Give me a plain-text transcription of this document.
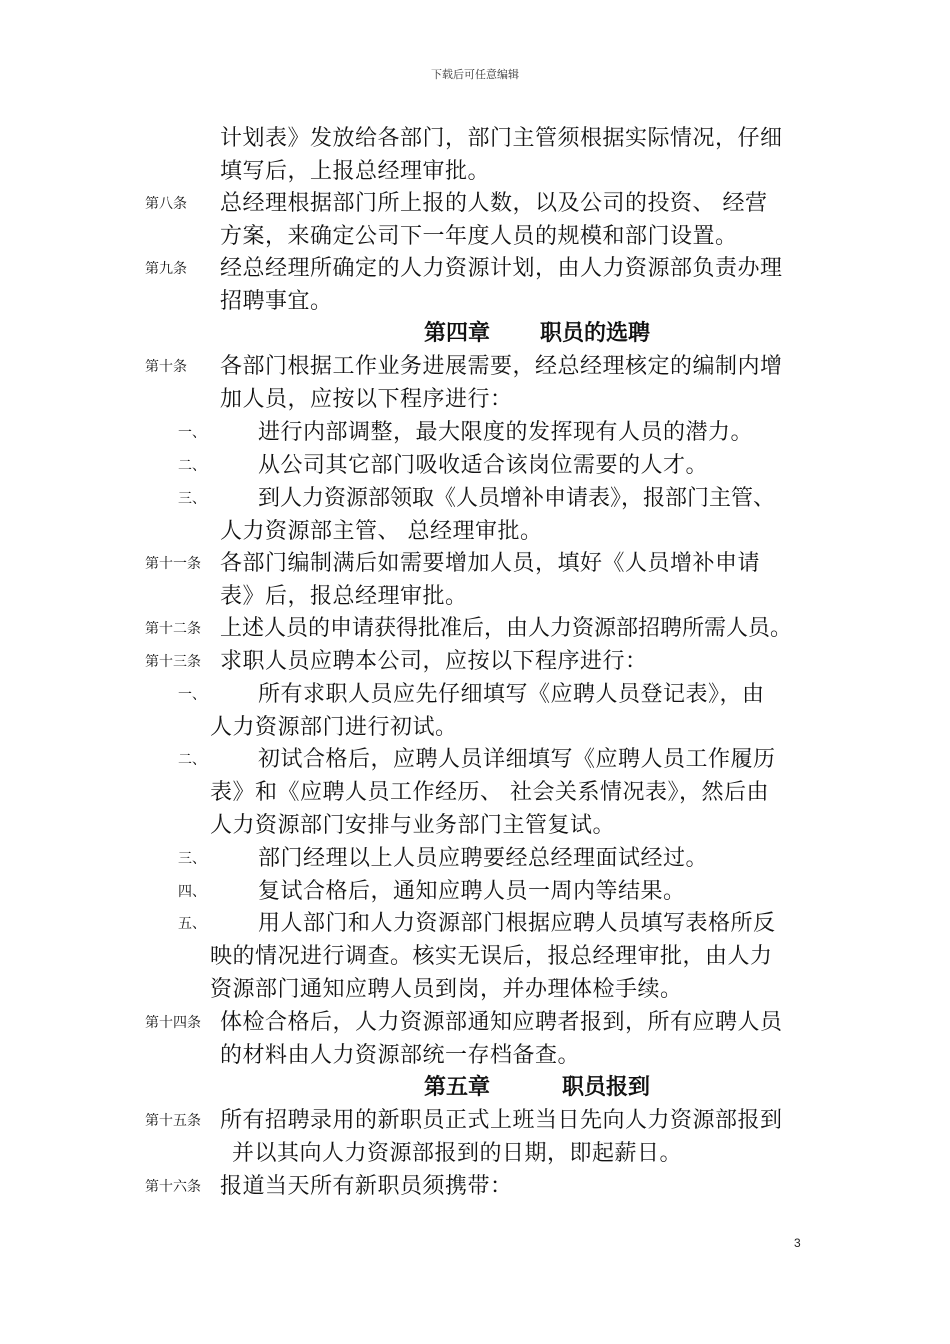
下载后可任意编辑
计划表》发放给各部门，部门主管须根据实际情况，仔细
填写后，上报总经理审批。
第八条 总经理根据部门所上报的人数，以及公司的投资、 经营
方案，来确定公司下一年度人员的规模和部门设置。
第九条 经总经理所确定的人力资源计划，由人力资源部负责办理
招聘事宜。
第四章 职员的选聘
第十条 各部门根据工作业务进展需要，经总经理核定的编制内增
加人员，应按以下程序进行：
一、 进行内部调整，最大限度的发挥现有人员的潜力。
二、 从公司其它部门吸收适合该岗位需要的人才。
三、 到人力资源部领取《人员增补申请表》，报部门主管、
人力资源部主管、 总经理审批。
第十一条 各部门编制满后如需要增加人员，填好《人员增补申请
表》后，报总经理审批。
第十二条 上述人员的申请获得批准后，由人力资源部招聘所需人员。
第十三条 求职人员应聘本公司，应按以下程序进行：
一、 所有求职人员应先仔细填写《应聘人员登记表》，由
人力资源部门进行初试。
二、 初试合格后，应聘人员详细填写《应聘人员工作履历
表》和《应聘人员工作经历、 社会关系情况表》，然后由
人力资源部门安排与业务部门主管复试。
三、 部门经理以上人员应聘要经总经理面试经过。
四、 复试合格后，通知应聘人员一周内等结果。
五、 用人部门和人力资源部门根据应聘人员填写表格所反
映的情况进行调查。核实无误后，报总经理审批，由人力
资源部门通知应聘人员到岗，并办理体检手续。
第十四条 体检合格后，人力资源部通知应聘者报到，所有应聘人员
的材料由人力资源部统一存档备查。
第五章	职员报到
第十五条 所有招聘录用的新职员正式上班当日先向人力资源部报到
并以其向人力资源部报到的日期，即起薪日。
第十六条 报道当天所有新职员须携带：
3
